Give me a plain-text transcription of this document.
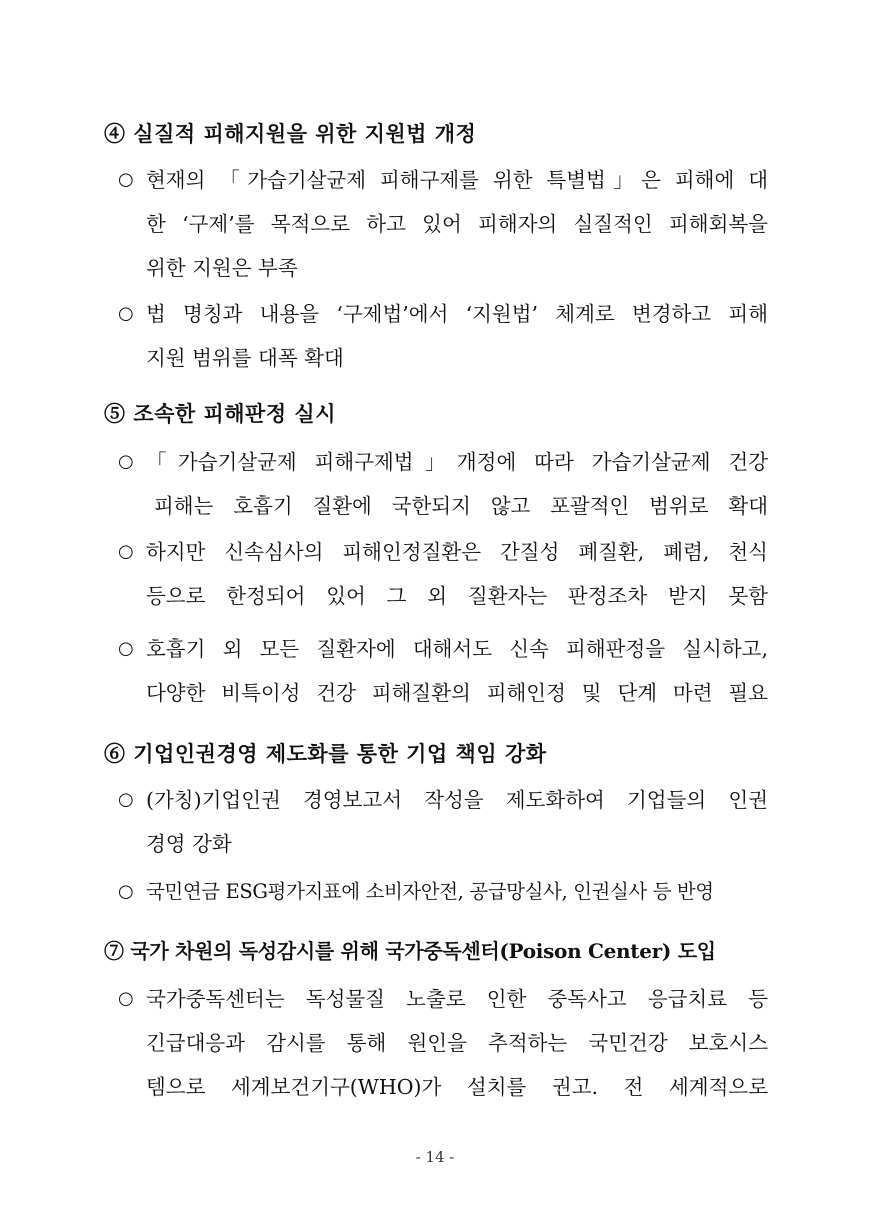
④ 실질적 피해지원을 위한 지원법 개정
○ 현재의 「가습기살균제 피해구제를 위한 특별법」은 피해에 대
한 ‘구제’를 목적으로 하고 있어 피해자의 실질적인 피해회복을
위한 지원은 부족
○ 법 명칭과 내용을 ‘구제법’에서 ‘지원법’ 체계로 변경하고 피해
지원 범위를 대폭 확대
⑤ 조속한 피해판정 실시
○ 「가습기살균제 피해구제법」개정에 따라 가습기살균제 건강
피해는 호흡기 질환에 국한되지 않고 포괄적인 범위로 확대
○ 하지만 신속심사의 피해인정질환은 간질성 폐질환, 폐렴, 천식
등으로 한정되어 있어 그 외 질환자는 판정조차 받지 못함
○ 호흡기 외 모든 질환자에 대해서도 신속 피해판정을 실시하고,
다양한 비특이성 건강 피해질환의 피해인정 및 단계 마련 필요
⑥ 기업인권경영 제도화를 통한 기업 책임 강화
○ (가칭)기업인권 경영보고서 작성을 제도화하여 기업들의 인권
경영 강화
○ 국민연금 ESG평가지표에 소비자안전, 공급망실사, 인권실사 등 반영
⑦ 국가 차원의 독성감시를 위해 국가중독센터(Poison Center) 도입
○ 국가중독센터는 독성물질 노출로 인한 중독사고 응급치료 등
긴급대응과 감시를 통해 원인을 추적하는 국민건강 보호시스
템으로 세계보건기구(WHO)가 설치를 권고. 전 세계적으로
- 14 -
